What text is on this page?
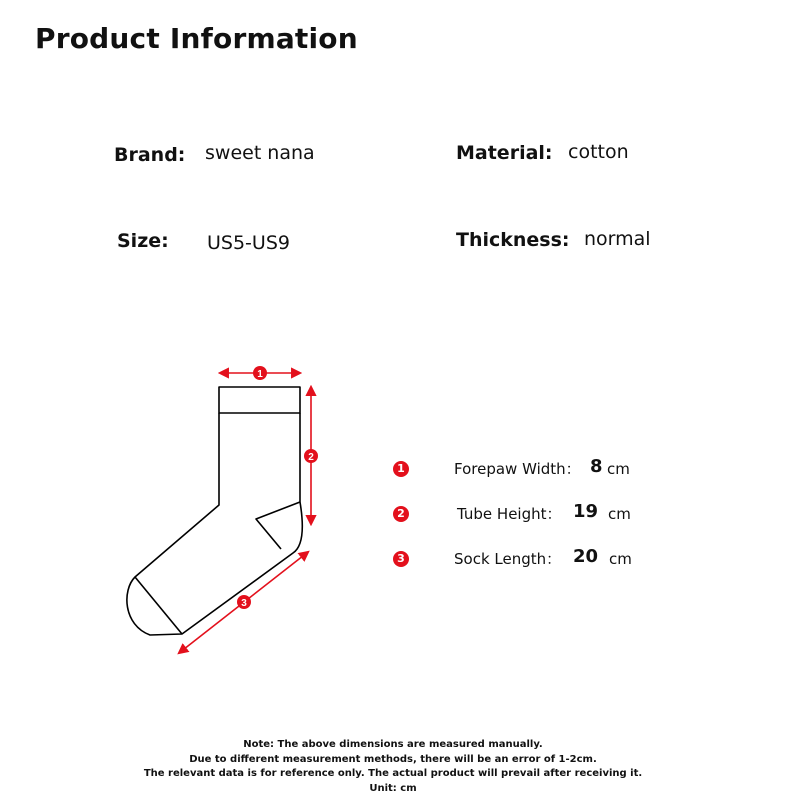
Product Information
Brand: sweet nana	Material: cotton
Size: US5-US9	Thickness: normal
1
2
3
1	Forepaw Width： 8 cm
2	Tube Height： 19 cm
3	Sock Length： 20 cm
Note: The above dimensions are measured manually.
Due to different measurement methods, there will be an error of 1-2cm.
The relevant data is for reference only. The actual product will prevail after receiving it.
Unit: cm
